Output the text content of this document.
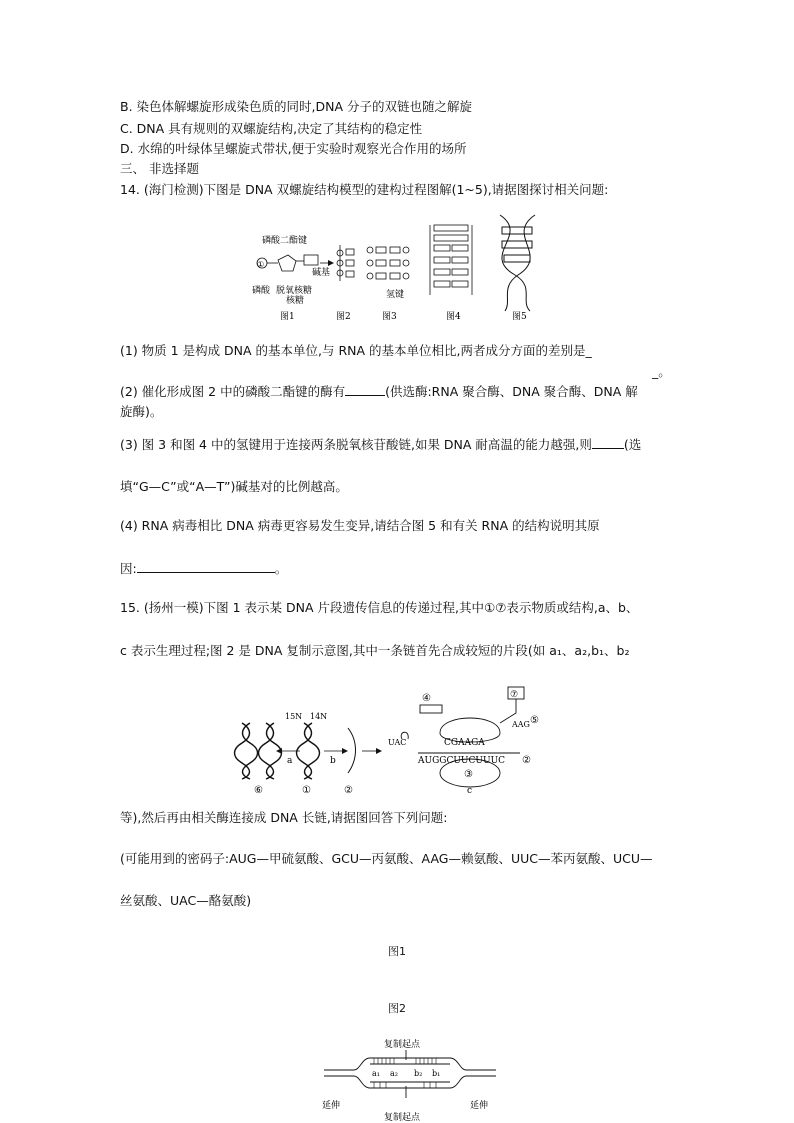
B. 染色体解螺旋形成染色质的同时,DNA 分子的双链也随之解旋
C. DNA 具有规则的双螺旋结构,决定了其结构的稳定性
D. 水绵的叶绿体呈螺旋式带状,便于实验时观察光合作用的场所
三、 非选择题
14. (海门检测)下图是 DNA 双螺旋结构模型的建构过程图解(1~5),请据图探讨相关问题:
磷酸二酯键
①
磷酸 脱氧核糖
核糖
碱基
氢键
图1	图2	图3	图4	图5
(1) 物质 1 是构成 DNA 的基本单位,与 RNA 的基本单位相比,两者成分方面的差别是_
_。
(2) 催化形成图 2 中的磷酸二酯键的酶有	(供选酶:RNA 聚合酶、DNA 聚合酶、DNA 解
旋酶)。
(3) 图 3 和图 4 中的氢键用于连接两条脱氧核苷酸链,如果 DNA 耐高温的能力越强,则	(选
填“G—C”或“A—T”)碱基对的比例越高。
(4) RNA 病毒相比 DNA 病毒更容易发生变异,请结合图 5 和有关 RNA 的结构说明其原
因:	。
15. (扬州一模)下图 1 表示某 DNA 片段遗传信息的传递过程,其中①⑦表示物质或结构,a、b、
c 表示生理过程;图 2 是 DNA 复制示意图,其中一条链首先合成较短的片段(如 a₁、a₂,b₁、b₂
a
15N 14N
b
UAC
AAG
CGAAGA
AUGGCUUCUUUC ②
③
④
⑤
⑦
⑥	①	②	c
等),然后再由相关酶连接成 DNA 长链,请据图回答下列问题:
(可能用到的密码子:AUG—甲硫氨酸、GCU—丙氨酸、AAG—赖氨酸、UUC—苯丙氨酸、UCU—
丝氨酸、UAC—酪氨酸)
图1
图2
复制起点
复制起点
a₁ a₂ b₂ b₁
延伸	延伸
